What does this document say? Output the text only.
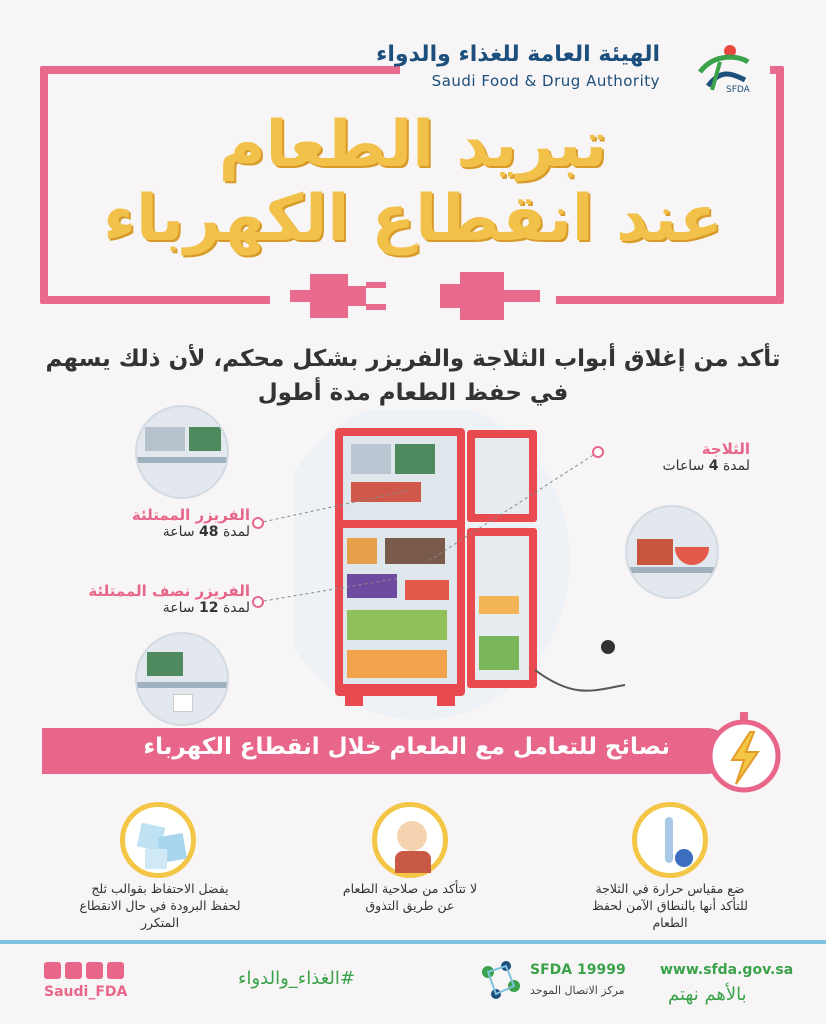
الهيئة العامة للغذاء والدواء
Saudi Food & Drug Authority	SFDA
تبريد الطعام
عند انقطاع الكهرباء
تأكد من إغلاق أبواب الثلاجة والفريزر بشكل محكم، لأن ذلك يسهم
في حفظ الطعام مدة أطول
الثلاجة
لمدة 4 ساعات
الفريزر الممتلئة
لمدة 48 ساعة
الفريزر نصف الممتلئة
لمدة 12 ساعة
نصائح للتعامل مع الطعام خلال انقطاع الكهرباء
ضع مقياس حرارة في الثلاجة
للتأكد أنها بالنطاق الآمن لحفظ
الطعام
لا تتأكد من صلاحية الطعام
عن طريق التذوق
يفضل الاحتفاظ بقوالب ثلج
لحفظ البرودة في حال الانقطاع
المتكرر
www.sfda.gov.sa
بالأهم نهتم
SFDA 19999
مركز الاتصال الموحد
#الغذاء_والدواء
Saudi_FDA
